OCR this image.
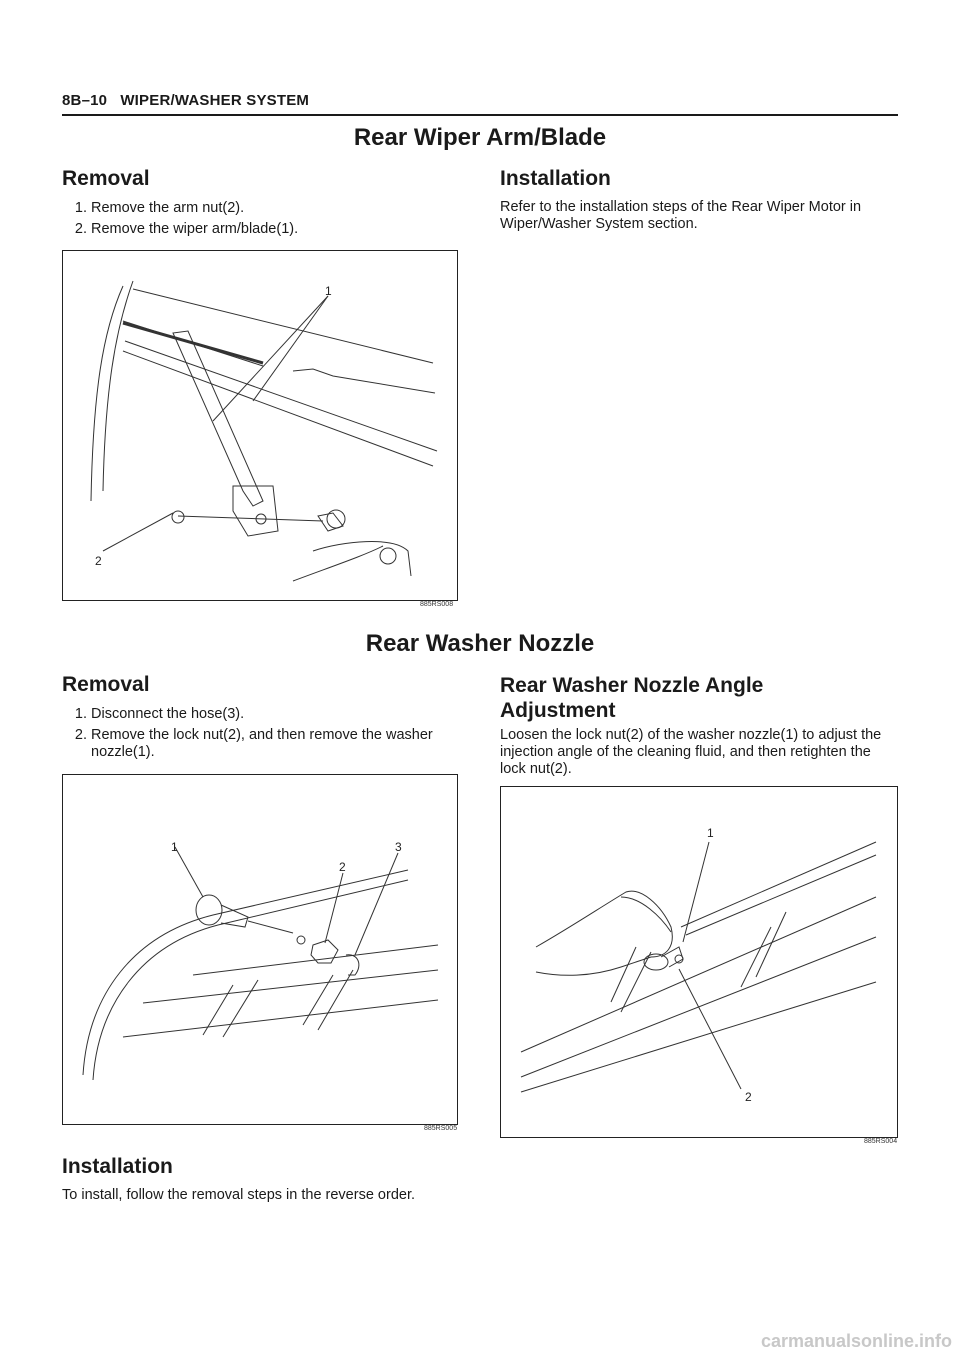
8B–10 WIPER/WASHER SYSTEM
Rear Wiper Arm/Blade
Removal
1. Remove the arm nut(2).
2. Remove the wiper arm/blade(1).
Installation
Refer to the installation steps of the Rear Wiper Motor in Wiper/Washer System section.
1
2
885RS008
Rear Washer Nozzle
Removal
1. Disconnect the hose(3).
2. Remove the lock nut(2), and then remove the washer nozzle(1).
1
2
3
885RS005
Installation
To install, follow the removal steps in the reverse order.
Rear Washer Nozzle Angle
Adjustment
Loosen the lock nut(2) of the washer nozzle(1) to adjust the injection angle of the cleaning fluid, and then retighten the lock nut(2).
1
2
885RS004
carmanualsonline.info
